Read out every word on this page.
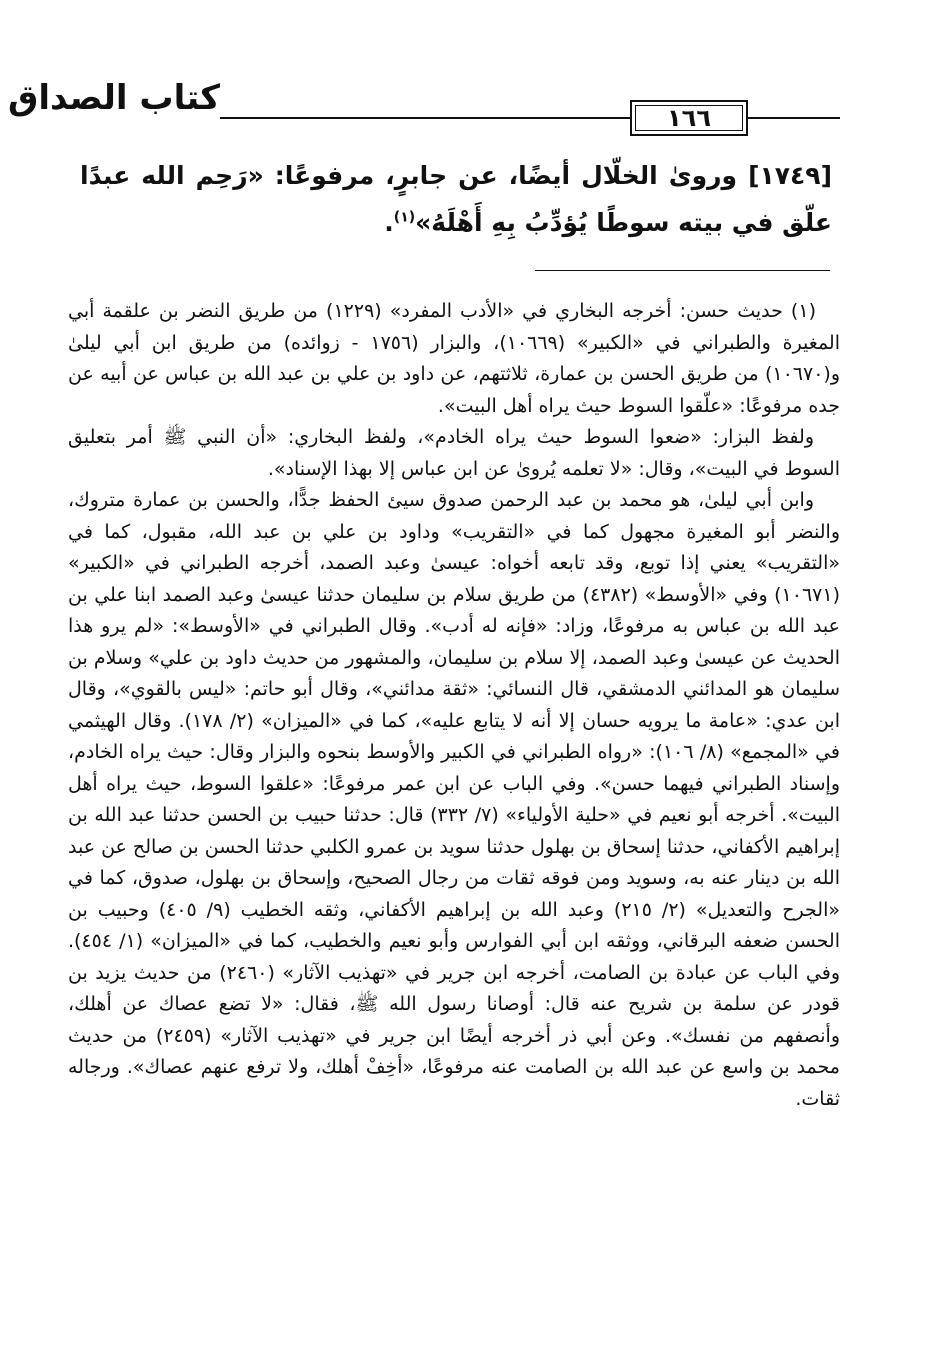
كتاب الصداق	١٦٦
[١٧٤٩] وروىٰ الخلّال أيضًا، عن جابرٍ، مرفوعًا: «رَحِم الله عبدًا علّق في بيته سوطًا يُؤدِّبُ بِهِ أَهْلَهُ»$^{(١)}$.

(١) حديث حسن: أخرجه البخاري في «الأدب المفرد» (١٢٢٩) من طريق النضر بن علقمة أبي المغيرة والطبراني في «الكبير» (١٠٦٦٩)، والبزار (١٧٥٦ - زوائده) من طريق ابن أبي ليلىٰ و(١٠٦٧٠) من طريق الحسن بن عمارة، ثلاثتهم، عن داود بن علي بن عبد الله بن عباس عن أبيه عن جده مرفوعًا: «علّقوا السوط حيث يراه أهل البيت».

ولفظ البزار: «ضعوا السوط حيث يراه الخادم»، ولفظ البخاري: «أن النبي ﷺ أمر بتعليق السوط في البيت»، وقال: «لا تعلمه يُروىٰ عن ابن عباس إلا بهذا الإسناد».

وابن أبي ليلىٰ، هو محمد بن عبد الرحمن صدوق سيئ الحفظ جدًّا، والحسن بن عمارة متروك، والنضر أبو المغيرة مجهول كما في «التقريب» وداود بن علي بن عبد الله، مقبول، كما في «التقريب» يعني إذا توبع، وقد تابعه أخواه: عيسىٰ وعبد الصمد، أخرجه الطبراني في «الكبير» (١٠٦٧١) وفي «الأوسط» (٤٣٨٢) من طريق سلام بن سليمان حدثنا عيسىٰ وعبد الصمد ابنا علي بن عبد الله بن عباس به مرفوعًا، وزاد: «فإنه له أدب». وقال الطبراني في «الأوسط»: «لم يرو هذا الحديث عن عيسىٰ وعبد الصمد، إلا سلام بن سليمان، والمشهور من حديث داود بن علي» وسلام بن سليمان هو المدائني الدمشقي، قال النسائي: «ثقة مدائني»، وقال أبو حاتم: «ليس بالقوي»، وقال ابن عدي: «عامة ما يرويه حسان إلا أنه لا يتابع عليه»، كما في «الميزان» (٢/ ١٧٨). وقال الهيثمي في «المجمع» (٨/ ١٠٦): «رواه الطبراني في الكبير والأوسط بنحوه والبزار وقال: حيث يراه الخادم، وإسناد الطبراني فيهما حسن». وفي الباب عن ابن عمر مرفوعًا: «علقوا السوط، حيث يراه أهل البيت». أخرجه أبو نعيم في «حلية الأولياء» (٧/ ٣٣٢) قال: حدثنا حبيب بن الحسن حدثنا عبد الله بن إبراهيم الأكفاني، حدثنا إسحاق بن بهلول حدثنا سويد بن عمرو الكلبي حدثنا الحسن بن صالح عن عبد الله بن دينار عنه به، وسويد ومن فوقه ثقات من رجال الصحيح، وإسحاق بن بهلول، صدوق، كما في «الجرح والتعديل» (٢/ ٢١٥) وعبد الله بن إبراهيم الأكفاني، وثقه الخطيب (٩/ ٤٠٥) وحبيب بن الحسن ضعفه البرقاني، ووثقه ابن أبي الفوارس وأبو نعيم والخطيب، كما في «الميزان» (١/ ٤٥٤). وفي الباب عن عبادة بن الصامت، أخرجه ابن جرير في «تهذيب الآثار» (٢٤٦٠) من حديث يزيد بن قودر عن سلمة بن شريح عنه قال: أوصانا رسول الله ﷺ، فقال: «لا تضع عصاك عن أهلك، وأنصفهم من نفسك». وعن أبي ذر أخرجه أيضًا ابن جرير في «تهذيب الآثار» (٢٤٥٩) من حديث محمد بن واسع عن عبد الله بن الصامت عنه مرفوعًا، «أخِفْ أهلك، ولا ترفع عنهم عصاك». ورجاله ثقات.
